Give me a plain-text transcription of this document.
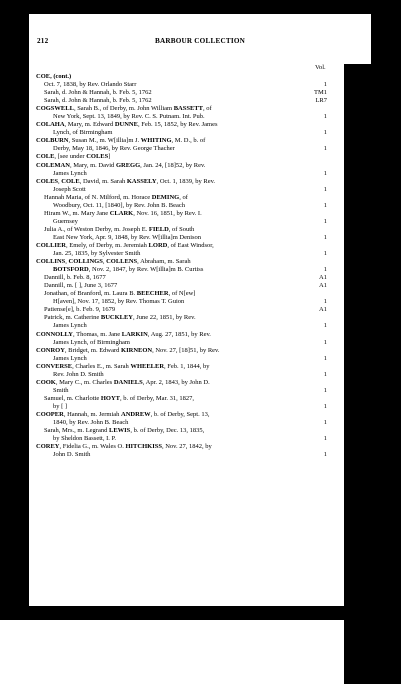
212	BARBOUR COLLECTION
Vol.	Page
COE, (cont.)
Oct. 7, 1838, by Rev. Orlando Starr	1	151
Sarah, d. John & Hannah, b. Feb. 5, 1762	TM1	56
Sarah, d. John & Hannah, b. Feb. 5, 1762	LR7	249
COGSWELL, Sarah B., of Derby, m. John William BASSETT, of
New York, Sept. 13, 1849, by Rev. C. S. Putnam. Int. Pub.	1	209
COLAHA, Mary, m. Edward DUNNE, Feb. 15, 1852, by Rev. James
Lynch, of Birmingham	1	249
COLBURN, Susan M., m. W[illia]m J. WHITING, M. D., b. of
Derby, May 18, 1846, by Rev. George Thacher	1	481
COLE, [see under COLES]
COLEMAN, Mary, m. David GREGG, Jan. 24, [18]52, by Rev.
James Lynch	1	280
COLES, COLE, David, m. Sarah KASSELY, Oct. 1, 1839, by Rev.
Joseph Scott	1	153
Hannah Maria, of N. Milford, m. Horace DEMING, of
Woodbury, Oct. 11, [1840], by Rev. John B. Beach	1	192
Hiram W., m. Mary Jane CLARK, Nov. 16, 1851, by Rev. I.
Guernsey	1	236
Julia A., of Weston Derby, m. Joseph E. FIELD, of South
East New York, Apr. 9, 1848, by Rev. W[illia]m Denison	1	271
COLLIER, Emely, of Derby, m. Jeremiah LORD, of East Windsor,
Jan. 25, 1835, by Sylvester Smith	1	165
COLLINS, COLLINGS, COLLENS, Abraham, m. Sarah
BOTSFORD, Nov. 2, 1847, by Rev. W[illia]m B. Curtiss	1	234
Dannill, b. Feb. 8, 1677	A1	9
Dannill, m. [ ], June 3, 1677	A1	9
Jonathan, of Branford, m. Laura B. BEECHER, of N[ew]
H[aven], Nov. 17, 1852, by Rev. Thomas T. Guion	1	236
Patiense[e], b. Feb. 9, 1679	A1	9
Patrick, m. Catherine BUCKLEY, June 22, 1851, by Rev.
James Lynch	1	236
CONNOLLY, Thomas, m. Jane LARKIN, Aug. 27, 1851, by Rev.
James Lynch, of Birmingham	1	237
CONROY, Bridget, m. Edward KIRNEON, Nov. 27, [18]51, by Rev.
James Lynch	1	330
CONVERSE, Charles E., m. Sarah WHEELER, Feb. 1, 1844, by
Rev. John D. Smith	1	233
COOK, Mary C., m. Charles DANIELS, Apr. 2, 1843, by John D.
Smith	1	247
Samuel, m. Charlotte HOYT, b. of Derby, Mar. 31, 1827,
by [ ]	1	86
COOPER, Hannah, m. Jermiah ANDREW, b. of Derby, Sept. 13,
1840, by Rev. John B. Beach	1	192
Sarah, Mrs., m. Legrand LEWIS, b. of Derby, Dec. 13, 1835,
by Sheldon Bassett, I. P.	1	165
COREY, Fidelia G., m. Wales O. HITCHKISS, Nov. 27, 1842, by
John D. Smith	1	289
